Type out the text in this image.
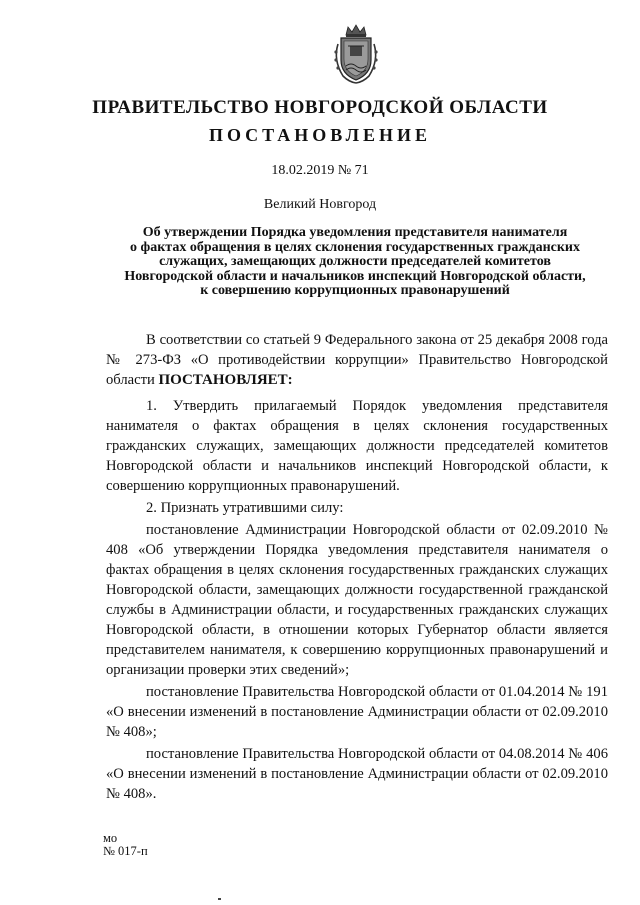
ПРАВИТЕЛЬСТВО НОВГОРОДСКОЙ ОБЛАСТИ
ПОСТАНОВЛЕНИЕ
18.02.2019 № 71
Великий Новгород
Об утверждении Порядка уведомления представителя нанимателя
о фактах обращения в целях склонения государственных гражданских
служащих, замещающих должности председателей комитетов
Новгородской области и начальников инспекций Новгородской области,
к совершению коррупционных правонарушений

В соответствии со статьей 9 Федерального закона от 25 декабря 2008 года № 273-ФЗ «О противодействии коррупции» Правительство Новгородской области ПОСТАНОВЛЯЕТ:

1. Утвердить прилагаемый Порядок уведомления представителя нанимателя о фактах обращения в целях склонения государственных гражданских служащих, замещающих должности председателей комитетов Новгородской области и начальников инспекций Новгородской области, к совершению коррупционных правонарушений.

2. Признать утратившими силу:

постановление Администрации Новгородской области от 02.09.2010 № 408 «Об утверждении Порядка уведомления представителя нанимателя о фактах обращения в целях склонения государственных гражданских служащих Новгородской области, замещающих должности государственной гражданской службы в Администрации области, и государственных гражданских служащих Новгородской области, в отношении которых Губернатор области является представителем нанимателя, к совершению коррупционных правонарушений и организации проверки этих сведений»;

постановление Правительства Новгородской области от 01.04.2014 № 191 «О внесении изменений в постановление Администрации области от 02.09.2010 № 408»;

постановление Правительства Новгородской области от 04.08.2014 № 406 «О внесении изменений в постановление Администрации области от 02.09.2010 № 408».

мо
№ 017-п
